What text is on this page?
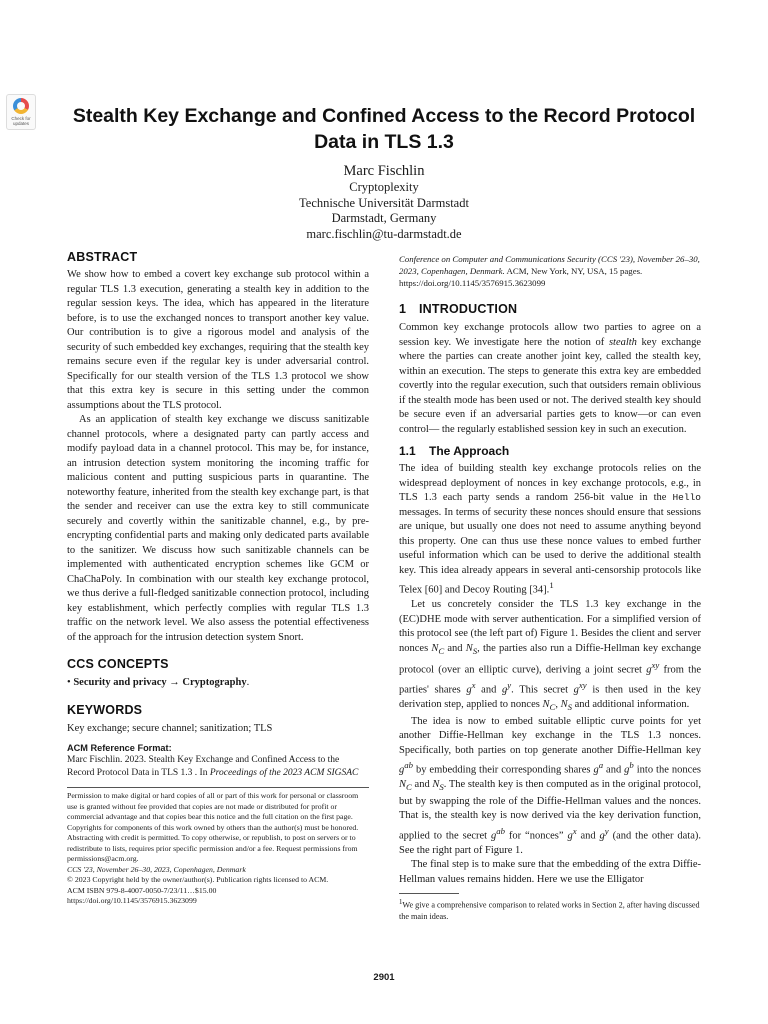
Check for
updates	Stealth Key Exchange and Confined Access to the Record Protocol Data in TLS 1.3
Marc Fischlin
Cryptoplexity
Technische Universität Darmstadt
Darmstadt, Germany
marc.fischlin@tu-darmstadt.de
ABSTRACT

We show how to embed a covert key exchange sub protocol within a regular TLS 1.3 execution, generating a stealth key in addition to the regular session keys. The idea, which has appeared in the literature before, is to use the exchanged nonces to transport another key value. Our contribution is to give a rigorous model and analysis of the security of such embedded key exchanges, requiring that the stealth key remains secure even if the regular key is under adversarial control. Specifically for our stealth version of the TLS 1.3 protocol we show that this extra key is secure in this setting under the common assumptions about the TLS protocol.

As an application of stealth key exchange we discuss sanitizable channel protocols, where a designated party can partly access and modify payload data in a channel protocol. This may be, for instance, an intrusion detection system monitoring the incoming traffic for malicious content and putting suspicious parts in quarantine. The noteworthy feature, inherited from the stealth key exchange part, is that the sender and receiver can use the extra key to still communicate securely and covertly within the sanitizable channel, e.g., by pre-encrypting confidential parts and making only dedicated parts available to the sanitizer. We discuss how such sanitizable channels can be implemented with authenticated encryption schemes like GCM or ChaChaPoly. In combination with our stealth key exchange protocol, we thus derive a full-fledged sanitizable connection protocol, including key establishment, which perfectly complies with regular TLS 1.3 traffic on the network level. We also assess the potential effectiveness of the approach for the intrusion detection system Snort.

CCS CONCEPTS

• Security and privacy → Cryptography.

KEYWORDS

Key exchange; secure channel; sanitization; TLS

ACM Reference Format:
Marc Fischlin. 2023. Stealth Key Exchange and Confined Access to the Record Protocol Data in TLS 1.3 . In Proceedings of the 2023 ACM SIGSAC
Permission to make digital or hard copies of all or part of this work for personal or classroom use is granted without fee provided that copies are not made or distributed for profit or commercial advantage and that copies bear this notice and the full citation on the first page. Copyrights for components of this work owned by others than the author(s) must be honored. Abstracting with credit is permitted. To copy otherwise, or republish, to post on servers or to redistribute to lists, requires prior specific permission and/or a fee. Request permissions from permissions@acm.org.
CCS '23, November 26–30, 2023, Copenhagen, Denmark
© 2023 Copyright held by the owner/author(s). Publication rights licensed to ACM.
ACM ISBN 979-8-4007-0050-7/23/11…$15.00
https://doi.org/10.1145/3576915.3623099

Conference on Computer and Communications Security (CCS '23), November 26–30, 2023, Copenhagen, Denmark. ACM, New York, NY, USA, 15 pages. https://doi.org/10.1145/3576915.3623099

1 INTRODUCTION

Common key exchange protocols allow two parties to agree on a session key. We investigate here the notion of stealth key exchange where the parties can create another joint key, called the stealth key, within an execution. The steps to generate this extra key are embedded covertly into the regular execution, such that outsiders remain oblivious if the stealth mode has been used or not. The derived stealth key should be secure even if an adversarial parties gets to know—or can even control— the regularly established session key in such an execution.

1.1 The Approach

The idea of building stealth key exchange protocols relies on the widespread deployment of nonces in key exchange protocols, e.g., in TLS 1.3 each party sends a random 256-bit value in the Hello messages. In terms of security these nonces should ensure that sessions are unique, but usually one does not need to assume anything beyond this property. One can thus use these nonce values to embed further useful information which can be used to derive the additional stealth key. This idea already appears in several anti-censorship protocols like Telex [60] and Decoy Routing [34].$^1$

Let us concretely consider the TLS 1.3 key exchange in the (EC)DHE mode with server authentication. For a simplified version of this protocol see (the left part of) Figure 1. Besides the client and server nonces $N_C$ and $N_S$, the parties also run a Diffie-Hellman key exchange protocol (over an elliptic curve), deriving a joint secret $g^{xy}$ from the parties' shares $g^x$ and $g^y$. This secret $g^{xy}$ is then used in the key derivation step, applied to nonces $N_C$, $N_S$ and additional information.

The idea is now to embed suitable elliptic curve points for yet another Diffie-Hellman key exchange in the TLS 1.3 nonces. Specifically, both parties on top generate another Diffie-Hellman key $g^{ab}$ by embedding their corresponding shares $g^a$ and $g^b$ into the nonces $N_C$ and $N_S$. The stealth key is then computed as in the original protocol, but by swapping the role of the Diffie-Hellman values and the nonces. That is, the stealth key is now derived via the key derivation function, applied to the secret $g^{ab}$ for “nonces” $g^x$ and $g^y$ (and the other data). See the right part of Figure 1.

The final step is to make sure that the embedding of the extra Diffie-Hellman values remains hidden. Here we use the Elligator

$^1$We give a comprehensive comparison to related works in Section 2, after having discussed the main ideas.
2901
